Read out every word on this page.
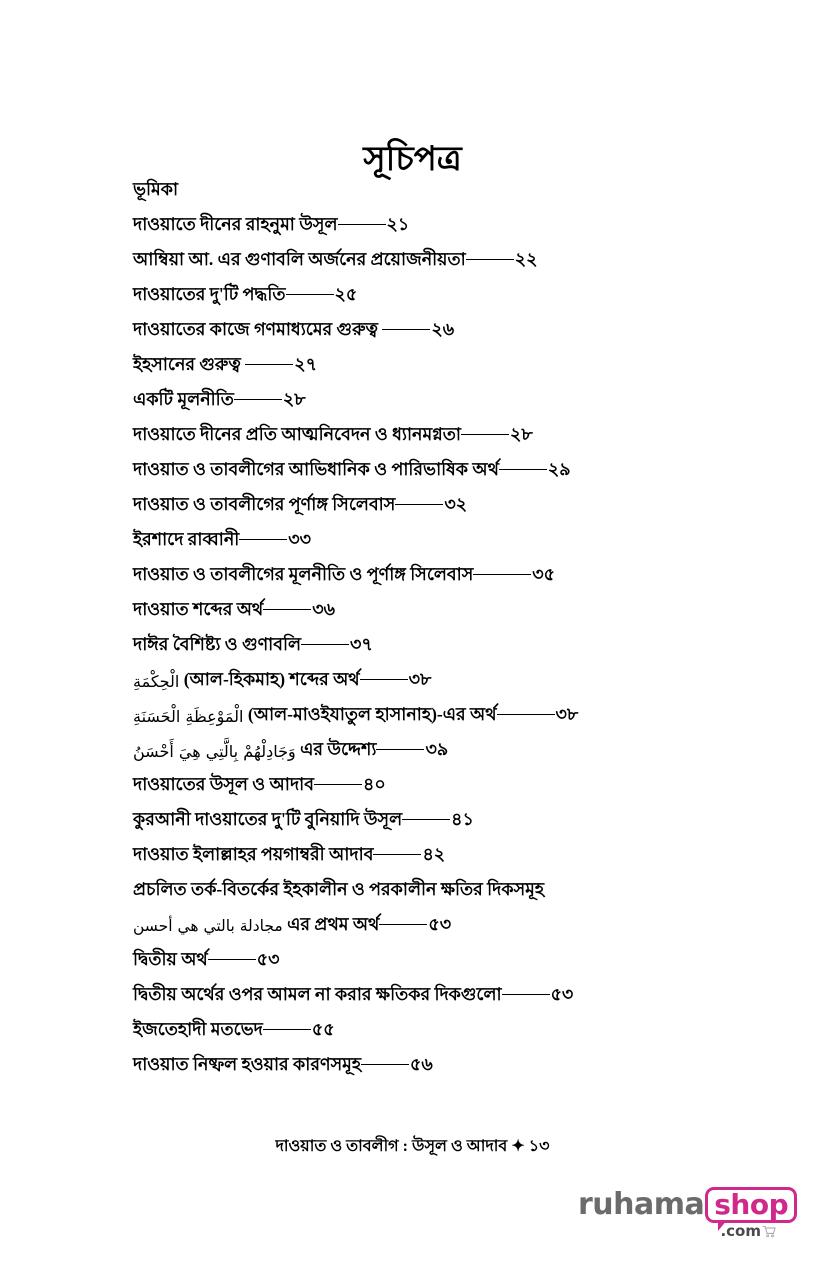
সূচিপত্র
ভূমিকা
দাওয়াতে দীনের রাহনুমা উসূল	২১
আম্বিয়া আ. এর গুণাবলি অর্জনের প্রয়োজনীয়তা	২২
দাওয়াতের দু'টি পদ্ধতি	২৫
দাওয়াতের কাজে গণমাধ্যমের গুরুত্ব	২৬
ইহসানের গুরুত্ব	২৭
একটি মূলনীতি	২৮
দাওয়াতে দীনের প্রতি আত্মনিবেদন ও ধ্যানমগ্নতা	২৮
দাওয়াত ও তাবলীগের আভিধানিক ও পারিভাষিক অর্থ	২৯
দাওয়াত ও তাবলীগের পূর্ণাঙ্গ সিলেবাস	৩২
ইরশাদে রাব্বানী	৩৩
দাওয়াত ও তাবলীগের মূলনীতি ও পূর্ণাঙ্গ সিলেবাস	৩৫
দাওয়াত শব্দের অর্থ	৩৬
দাঈর বৈশিষ্ট্য ও গুণাবলি	৩৭
الْحِكْمَةِ (আল-হিকমাহ) শব্দের অর্থ	৩৮
الْمَوْعِظَةِ الْحَسَنَةِ (আল-মাওইযাতুল হাসানাহ)-এর অর্থ	৩৮
وَجَادِلْهُمْ بِالَّتِي هِيَ أَحْسَنُ এর উদ্দেশ্য	৩৯
দাওয়াতের উসূল ও আদাব	৪০
কুরআনী দাওয়াতের দু'টি বুনিয়াদি উসূল	৪১
দাওয়াত ইলাল্লাহর পয়গাম্বরী আদাব	৪২
প্রচলিত তর্ক-বিতর্কের ইহকালীন ও পরকালীন ক্ষতির দিকসমূহ
مجادلة بالتي هي أحسن এর প্রথম অর্থ	৫৩
দ্বিতীয় অর্থ	৫৩
দ্বিতীয় অর্থের ওপর আমল না করার ক্ষতিকর দিকগুলো	৫৩
ইজতেহাদী মতভেদ	৫৫
দাওয়াত নিষ্ফল হওয়ার কারণসমূহ	৫৬
দাওয়াত ও তাবলীগ : উসূল ও আদাব ✦ ১৩
ruhama shop
.com
